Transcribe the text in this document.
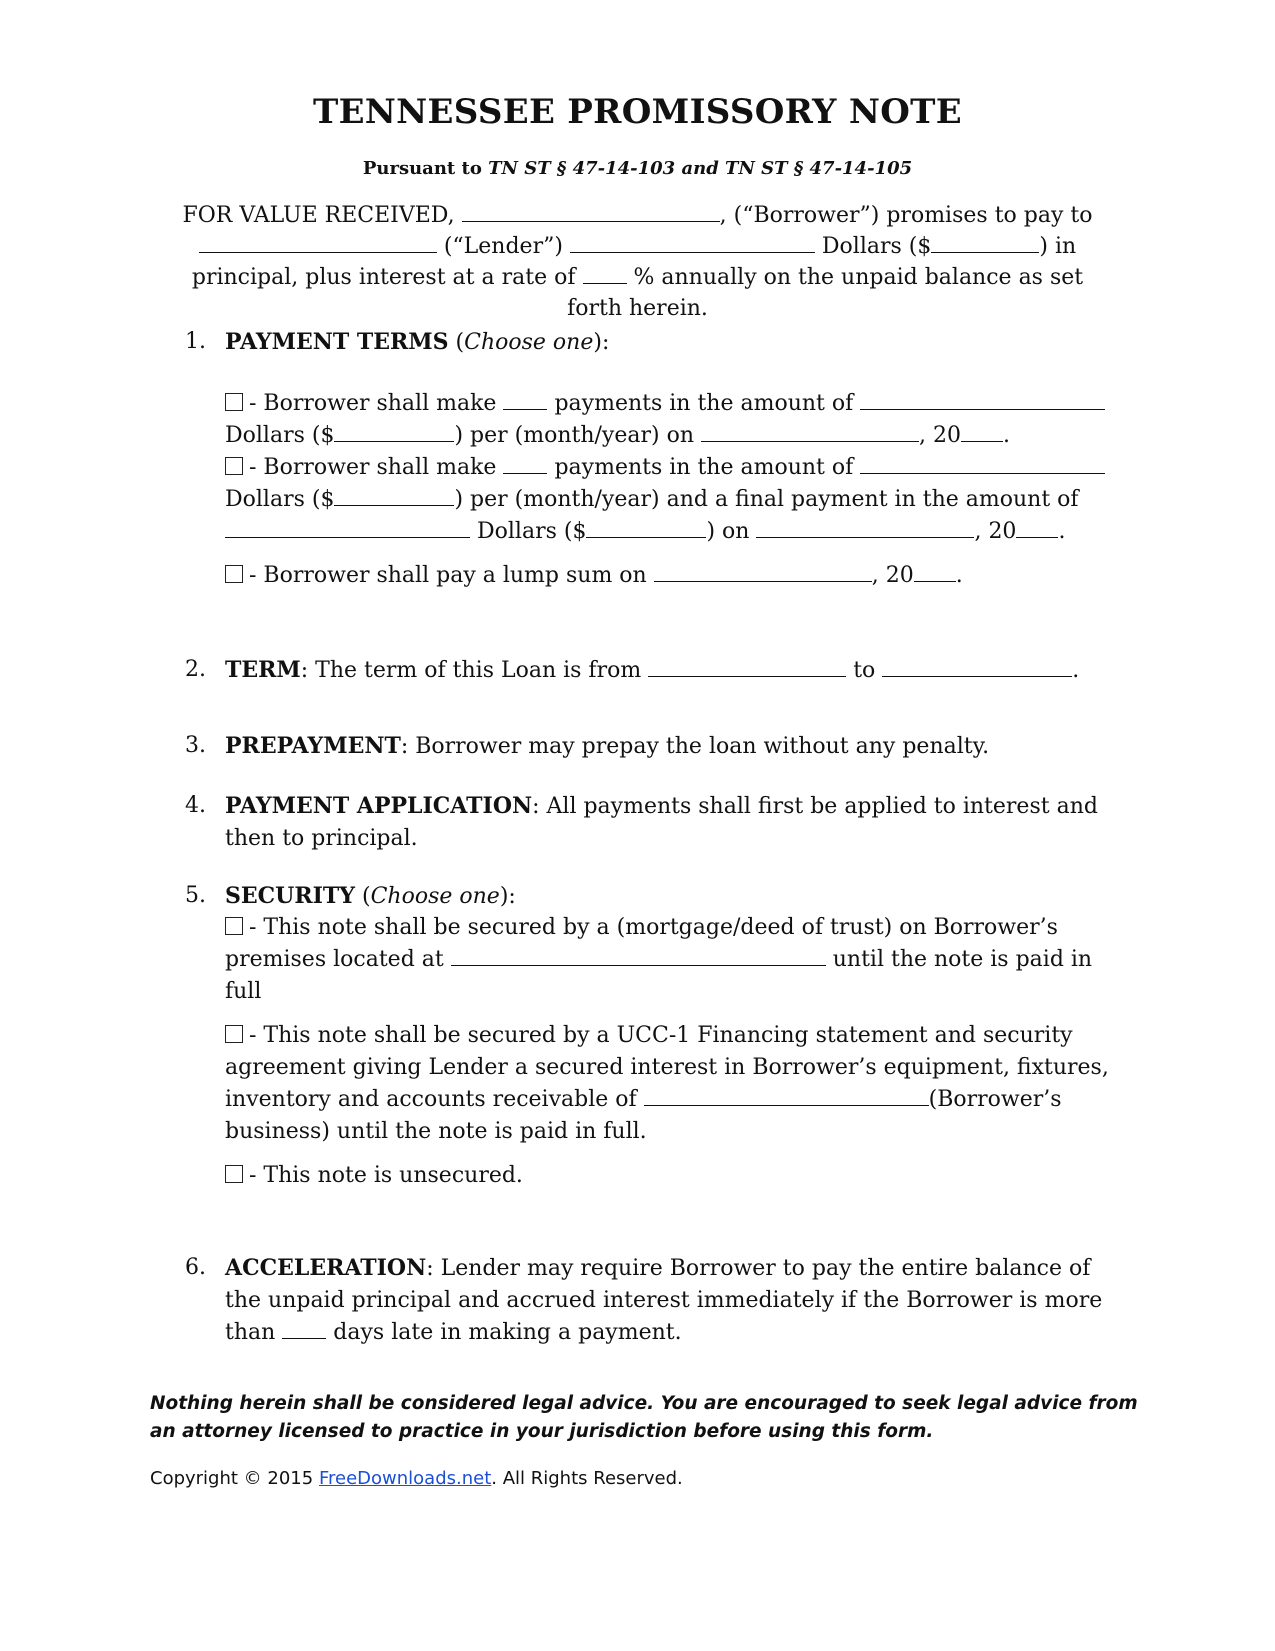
TENNESSEE PROMISSORY NOTE
Pursuant to TN ST § 47-14-103 and TN ST § 47-14-105
FOR VALUE RECEIVED,	, (“Borrower”) promises to pay to
(“Lender”)	Dollars ($	) in
principal, plus interest at a rate of	% annually on the unpaid balance as set forth herein.
1. PAYMENT TERMS (Choose one):
- Borrower shall make	payments in the amount of
Dollars ($	) per (month/year) on	, 20 .
- Borrower shall make	payments in the amount of
Dollars ($	) per (month/year) and a final payment in the amount of
Dollars ($	) on	, 20 .
- Borrower shall pay a lump sum on	, 20 .
2. TERM: The term of this Loan is from	to	.
3. PREPAYMENT: Borrower may prepay the loan without any penalty.
4. PAYMENT APPLICATION: All payments shall first be applied to interest and then to principal.
5. SECURITY (Choose one):
- This note shall be secured by a (mortgage/deed of trust) on Borrower’s premises located at	until the note is paid in full
- This note shall be secured by a UCC-1 Financing statement and security agreement giving Lender a secured interest in Borrower’s equipment, fixtures, inventory and accounts receivable of	(Borrower’s business) until the note is paid in full.
- This note is unsecured.
6. ACCELERATION: Lender may require Borrower to pay the entire balance of the unpaid principal and accrued interest immediately if the Borrower is more than	days late in making a payment.
Nothing herein shall be considered legal advice. You are encouraged to seek legal advice from an attorney licensed to practice in your jurisdiction before using this form.
Copyright © 2015 FreeDownloads.net. All Rights Reserved.
